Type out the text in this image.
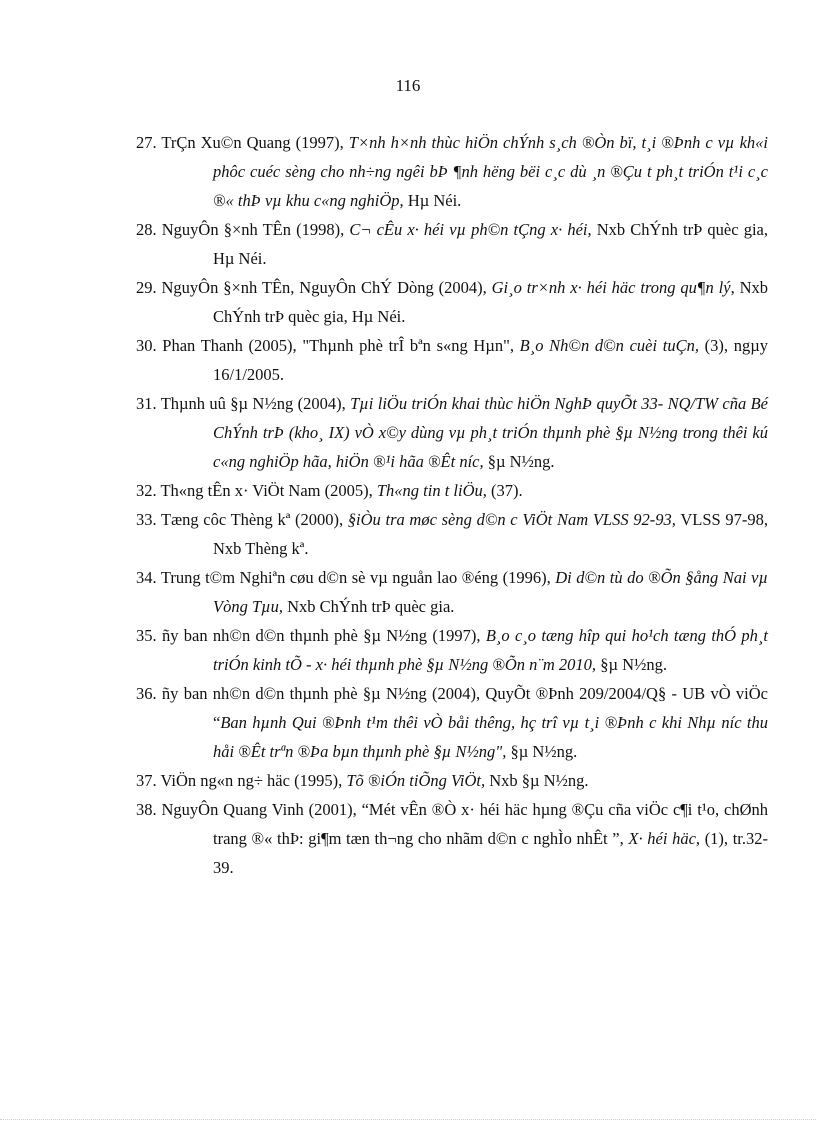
116
27. TrÇn Xu©n Quang (1997), T×nh h×nh thùc hiÖn chÝnh s¸ch ®Òn bï, t¸i ®Þnh c vµ kh«i phôc cuéc sèng cho nh÷ng ngêi bÞ ¶nh hëng bëi c¸c dù ¸n ®Çu t ph¸t triÓn t¹i c¸c ®« thÞ vµ khu c«ng nghiÖp, Hµ Néi.
28. NguyÔn §×nh TÊn (1998), C¬ cÊu x· héi vµ ph©n tÇng x· héi, Nxb ChÝnh trÞ quèc gia, Hµ Néi.
29. NguyÔn §×nh TÊn, NguyÔn ChÝ Dòng (2004), Gi¸o tr×nh x· héi häc trong qu¶n lý, Nxb ChÝnh trÞ quèc gia, Hµ Néi.
30. Phan Thanh (2005), "Thµnh phè trÎ bªn s«ng Hµn", B¸o Nh©n d©n cuèi tuÇn, (3), ngµy 16/1/2005.
31. Thµnh uû §µ N½ng (2004), Tµi liÖu triÓn khai thùc hiÖn NghÞ quyÕt 33- NQ/TW cña Bé ChÝnh trÞ (kho¸ IX) vÒ x©y dùng vµ ph¸t triÓn thµnh phè §µ N½ng trong thêi kú c«ng nghiÖp hãa, hiÖn ®¹i hãa ®Êt níc, §µ N½ng.
32. Th«ng tÊn x· ViÖt Nam (2005), Th«ng tin t liÖu, (37).
33. Tæng côc Thèng kª (2000), §iÒu tra møc sèng d©n c ViÖt Nam VLSS 92-93, VLSS 97-98, Nxb Thèng kª.
34. Trung t©m Nghiªn cøu d©n sè vµ nguån lao ®éng (1996), Di d©n tù do ®Õn §ång Nai vµ Vòng Tµu, Nxb ChÝnh trÞ quèc gia.
35. ñy ban nh©n d©n thµnh phè §µ N½ng (1997), B¸o c¸o tæng hîp qui ho¹ch tæng thÓ ph¸t triÓn kinh tÕ - x· héi thµnh phè §µ N½ng ®Õn n¨m 2010, §µ N½ng.
36. ñy ban nh©n d©n thµnh phè §µ N½ng (2004), QuyÕt ®Þnh 209/2004/Q§ - UB vÒ viÖc “Ban hµnh Qui ®Þnh t¹m thêi vÒ båi thêng, hç trî vµ t¸i ®Þnh c khi Nhµ níc thu håi ®Êt trªn ®Þa bµn thµnh phè §µ N½ng", §µ N½ng.
37. ViÖn ng«n ng÷ häc (1995), Tõ ®iÓn tiÕng ViÖt, Nxb §µ N½ng.
38. NguyÔn Quang Vinh (2001), “Mét vÊn ®Ò x· héi häc hµng ®Çu cña viÖc c¶i t¹o, chØnh trang ®« thÞ: gi¶m tæn th¬ng cho nhãm d©n c nghÌo nhÊt ”, X· héi häc, (1), tr.32-39.
